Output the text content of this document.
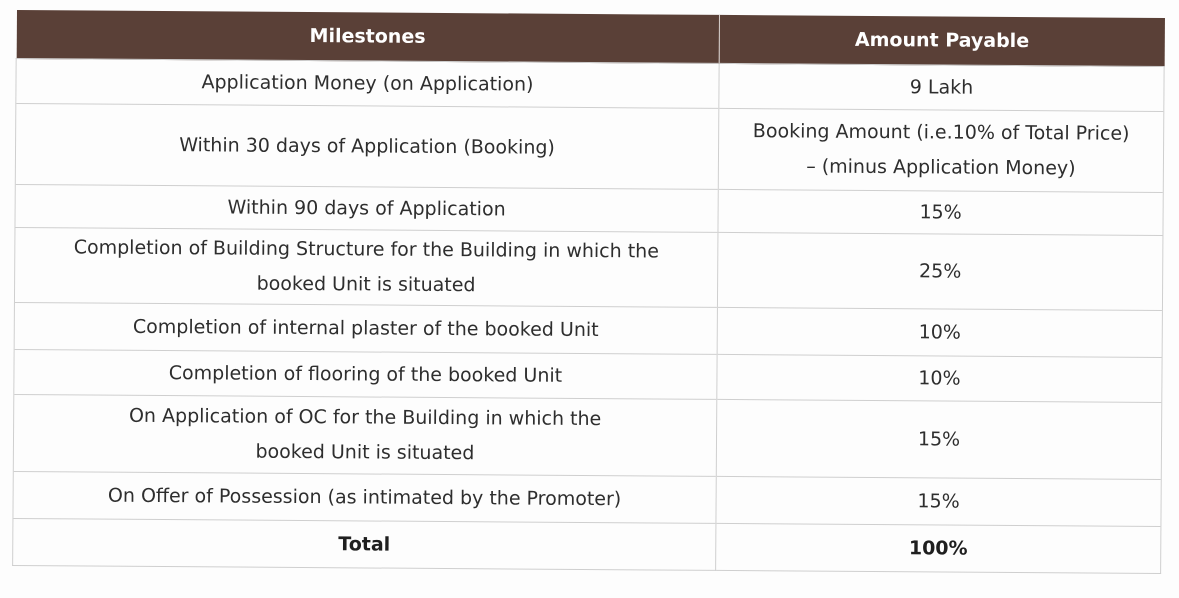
Milestones	Amount Payable
Application Money (on Application)	9 Lakh
Within 30 days of Application (Booking)	Booking Amount (i.e.10% of Total Price) – (minus Application Money)
Within 90 days of Application	15%
Completion of Building Structure for the Building in which the booked Unit is situated	25%
Completion of internal plaster of the booked Unit	10%
Completion of flooring of the booked Unit	10%
On Application of OC for the Building in which the booked Unit is situated	15%
On Offer of Possession (as intimated by the Promoter)	15%
Total	100%
